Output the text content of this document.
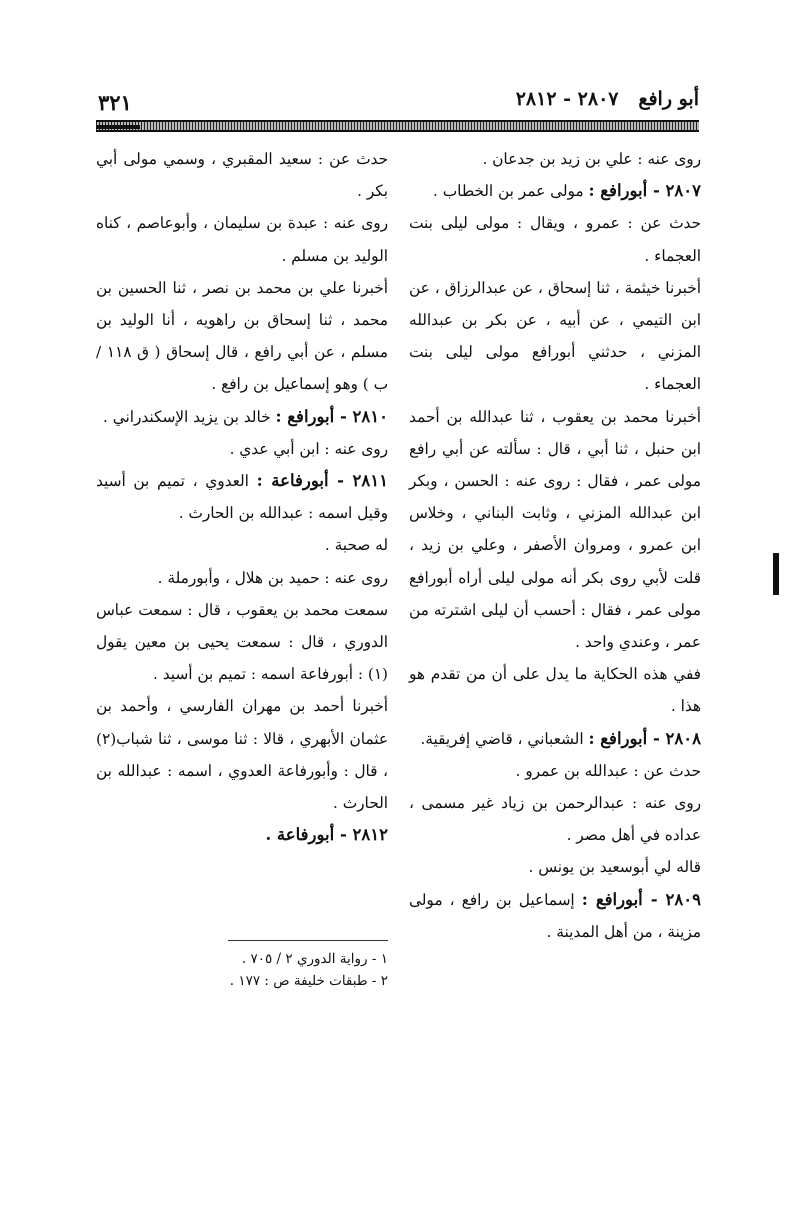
أبو رافع   ٢٨٠٧ - ٢٨١٢
٣٢١

روى عنه : علي بن زيد بن جدعان .

٢٨٠٧ - أبورافع : مولى عمر بن الخطاب .

حدث عن : عمرو ، ويقال : مولى ليلى بنت العجماء .

أخبرنا خيثمة ، ثنا إسحاق ، عن عبدالرزاق ، عن ابن التيمي ، عن أبيه ، عن بكر بن عبدالله المزني ، حدثني أبورافع مولى ليلى بنت العجماء .

أخبرنا محمد بن يعقوب ، ثنا عبدالله بن أحمد ابن حنبل ، ثنا أبي ، قال : سألته عن أبي رافع مولى عمر ، فقال : روى عنه : الحسن ، وبكر ابن عبدالله المزني ، وثابت البناني ، وخلاس ابن عمرو ، ومروان الأصفر ، وعلي بن زيد ، قلت لأبي روى بكر أنه مولى ليلى أراه أبورافع مولى عمر ، فقال : أحسب أن ليلى اشترته من عمر ، وعندي واحد .

ففي هذه الحكاية ما يدل على أن من تقدم هو هذا .

٢٨٠٨ - أبورافع : الشعباني ، قاضي إفريقية.

حدث عن : عبدالله بن عمرو .

روى عنه : عبدالرحمن بن زياد غير مسمى ، عداده في أهل مصر .

قاله لي أبوسعيد بن يونس .

٢٨٠٩ - أبورافع : إسماعيل بن رافع ، مولى مزينة ، من أهل المدينة .

حدث عن : سعيد المقبري ، وسمي مولى أبي بكر .

روى عنه : عبدة بن سليمان ، وأبوعاصم ، كناه الوليد بن مسلم .

أخبرنا علي بن محمد بن نصر ، ثنا الحسين بن محمد ، ثنا إسحاق بن راهويه ، أنا الوليد بن مسلم ، عن أبي رافع ، قال إسحاق ( ق ١١٨ / ب ) وهو إسماعيل بن رافع .

٢٨١٠ - أبورافع : خالد بن يزيد الإسكندراني .

روى عنه : ابن أبي عدي .

٢٨١١ - أبورفاعة : العدوي ، تميم بن أسيد وقيل اسمه : عبدالله بن الحارث .

له صحبة .

روى عنه : حميد بن هلال ، وأبورملة .

سمعت محمد بن يعقوب ، قال : سمعت عباس الدوري ، قال : سمعت يحيى بن معين يقول (١) : أبورفاعة اسمه : تميم بن أسيد .

أخبرنا أحمد بن مهران الفارسي ، وأحمد بن عثمان الأبهري ، قالا : ثنا موسى ، ثنا شباب(٢) ، قال : وأبورفاعة العدوي ، اسمه : عبدالله بن الحارث .

٢٨١٢ - أبورفاعة .

١ - رواية الدوري ٢ / ٧٠٥ .

٢ - طبقات خليفة ص : ١٧٧ .
